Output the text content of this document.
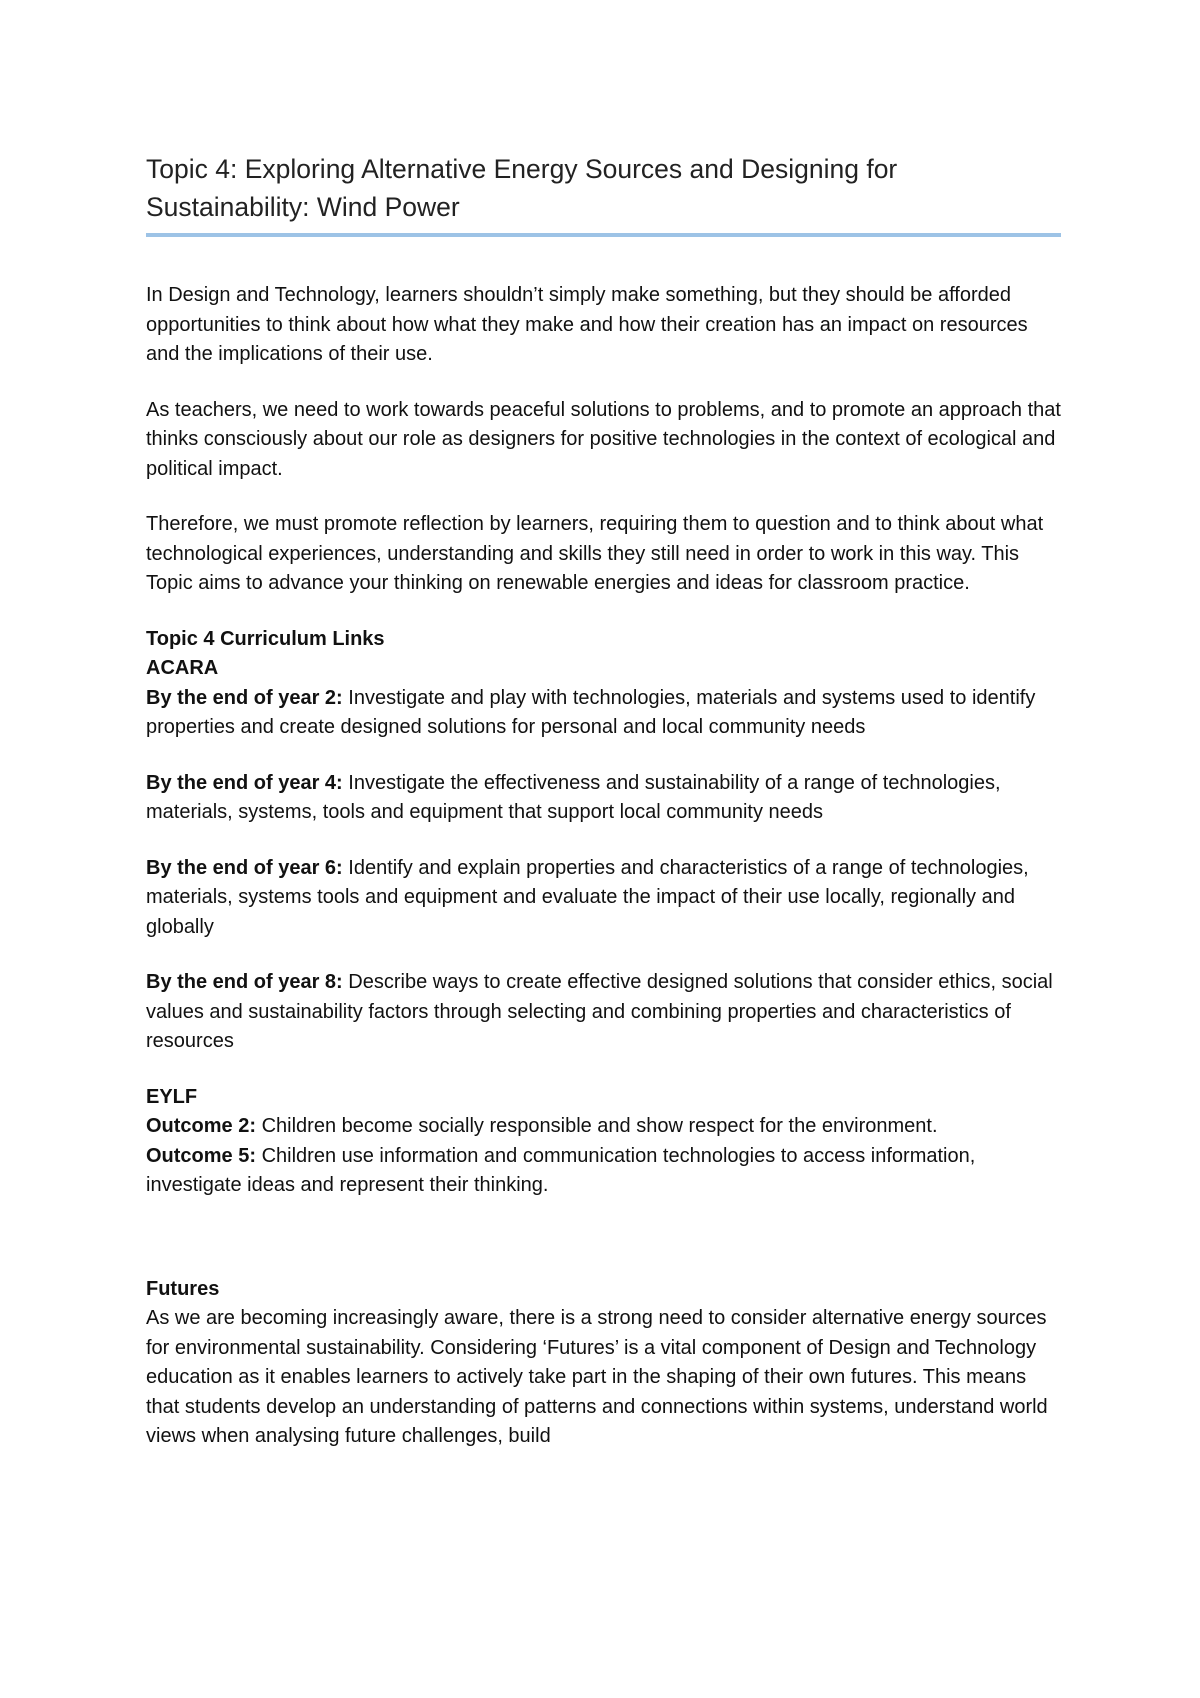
Topic 4: Exploring Alternative Energy Sources and Designing for Sustainability: Wind Power

In Design and Technology, learners shouldn’t simply make something, but they should be afforded opportunities to think about how what they make and how their creation has an impact on resources and the implications of their use.

As teachers, we need to work towards peaceful solutions to problems, and to promote an approach that thinks consciously about our role as designers for positive technologies in the context of ecological and political impact.

Therefore, we must promote reflection by learners, requiring them to question and to think about what technological experiences, understanding and skills they still need in order to work in this way. This Topic aims to advance your thinking on renewable energies and ideas for classroom practice.

Topic 4 Curriculum Links
ACARA

By the end of year 2: Investigate and play with technologies, materials and systems used to identify properties and create designed solutions for personal and local community needs

By the end of year 4: Investigate the effectiveness and sustainability of a range of technologies, materials, systems, tools and equipment that support local community needs

By the end of year 6: Identify and explain properties and characteristics of a range of technologies, materials, systems tools and equipment and evaluate the impact of their use locally, regionally and globally

By the end of year 8: Describe ways to create effective designed solutions that consider ethics, social values and sustainability factors through selecting and combining properties and characteristics of resources

EYLF
Outcome 2: Children become socially responsible and show respect for the environment.

Outcome 5: Children use information and communication technologies to access information, investigate ideas and represent their thinking.

Futures

As we are becoming increasingly aware, there is a strong need to consider alternative energy sources for environmental sustainability. Considering ‘Futures’ is a vital component of Design and Technology education as it enables learners to actively take part in the shaping of their own futures. This means that students develop an understanding of patterns and connections within systems, understand world views when analysing future challenges, build
